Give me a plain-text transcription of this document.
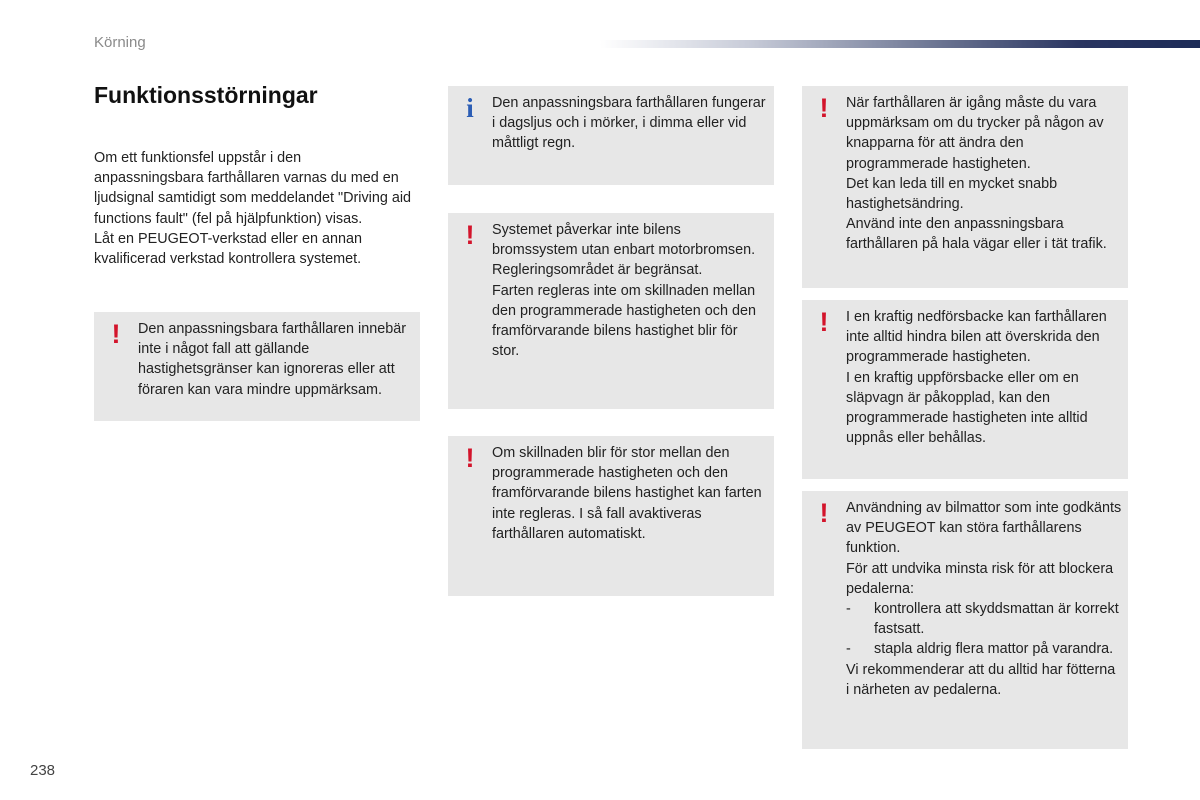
Körning
Funktionsstörningar

Om ett funktionsfel uppstår i den anpassningsbara farthållaren varnas du med en ljudsignal samtidigt som meddelandet "Driving aid functions fault" (fel på hjälpfunktion) visas.

Låt en PEUGEOT-verkstad eller en annan kvalificerad verkstad kontrollera systemet.

!	Den anpassningsbara farthållaren innebär inte i något fall att gällande hastighetsgränser kan ignoreras eller att föraren kan vara mindre uppmärksam.

i	Den anpassningsbara farthållaren fungerar i dagsljus och i mörker, i dimma eller vid måttligt regn.

!	Systemet påverkar inte bilens bromssystem utan enbart motorbromsen.

Regleringsområdet är begränsat.

Farten regleras inte om skillnaden mellan den programmerade hastigheten och den framförvarande bilens hastighet blir för stor.

!	Om skillnaden blir för stor mellan den programmerade hastigheten och den framförvarande bilens hastighet kan farten inte regleras. I så fall avaktiveras farthållaren automatiskt.

!	När farthållaren är igång måste du vara uppmärksam om du trycker på någon av knapparna för att ändra den programmerade hastigheten.

Det kan leda till en mycket snabb hastighetsändring.

Använd inte den anpassningsbara farthållaren på hala vägar eller i tät trafik.

!	I en kraftig nedförsbacke kan farthållaren inte alltid hindra bilen att överskrida den programmerade hastigheten.

I en kraftig uppförsbacke eller om en släpvagn är påkopplad, kan den programmerade hastigheten inte alltid uppnås eller behållas.

!	Användning av bilmattor som inte godkänts av PEUGEOT kan störa farthållarens funktion.

För att undvika minsta risk för att blockera pedalerna:

- kontrollera att skyddsmattan är korrekt fastsatt.
- stapla aldrig flera mattor på varandra.

Vi rekommenderar att du alltid har fötterna i närheten av pedalerna.

238
